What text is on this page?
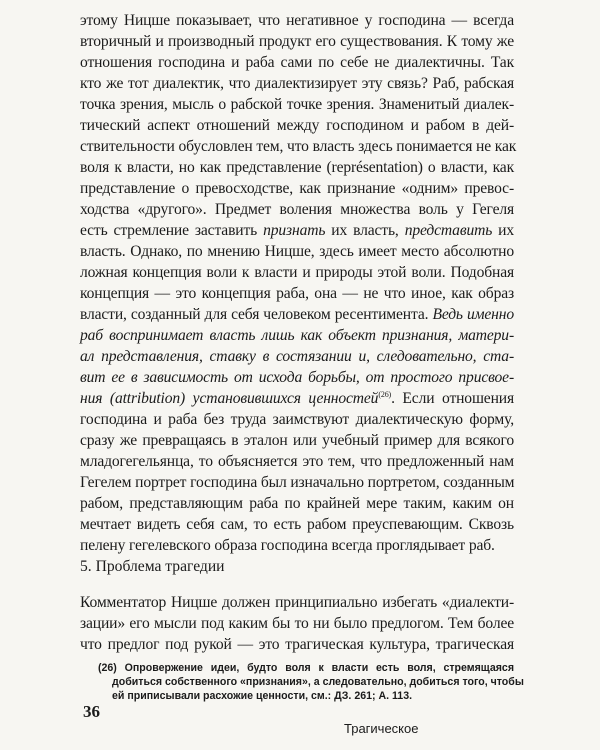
этому Ницше показывает, что негативное у господина — всегда
вторичный и производный продукт его существования. К тому же
отношения господина и раба сами по себе не диалектичны. Так
кто же тот диалектик, что диалектизирует эту связь? Раб, рабская
точка зрения, мысль о рабской точке зрения. Знаменитый диалек-
тический аспект отношений между господином и рабом в дей-
ствительности обусловлен тем, что власть здесь понимается не как
воля к власти, но как представление (représentation) о власти, как
представление о превосходстве, как признание «одним» превос-
ходства «другого». Предмет воления множества воль у Гегеля
есть стремление заставить признать их власть, представить их
власть. Однако, по мнению Ницше, здесь имеет место абсолютно
ложная концепция воли к власти и природы этой воли. Подобная
концепция — это концепция раба, она — не что иное, как образ
власти, созданный для себя человеком ресентимента. Ведь именно
раб воспринимает власть лишь как объект признания, матери-
ал представления, ставку в состязании и, следовательно, ста-
вит ее в зависимость от исхода борьбы, от простого присвое-
ния (attribution) установившихся ценностей$^{(26)}$. Если отношения
господина и раба без труда заимствуют диалектическую форму,
сразу же превращаясь в эталон или учебный пример для всякого
младогегельянца, то объясняется это тем, что предложенный нам
Гегелем портрет господина был изначально портретом, созданным
рабом, представляющим раба по крайней мере таким, каким он
мечтает видеть себя сам, то есть рабом преуспевающим. Сквозь
пелену гегелевского образа господина всегда проглядывает раб.
5. Проблема трагедии
Комментатор Ницше должен принципиально избегать «диалекти-
зации» его мысли под каким бы то ни было предлогом. Тем более
что предлог под рукой — это трагическая культура, трагическая
(26) Опровержение идеи, будто воля к власти есть воля, стремящаяся
добиться собственного «признания», а следовательно, добиться того, чтобы
ей приписывали расхожие ценности, см.: ДЗ. 261; А. 113.
36
Трагическое
